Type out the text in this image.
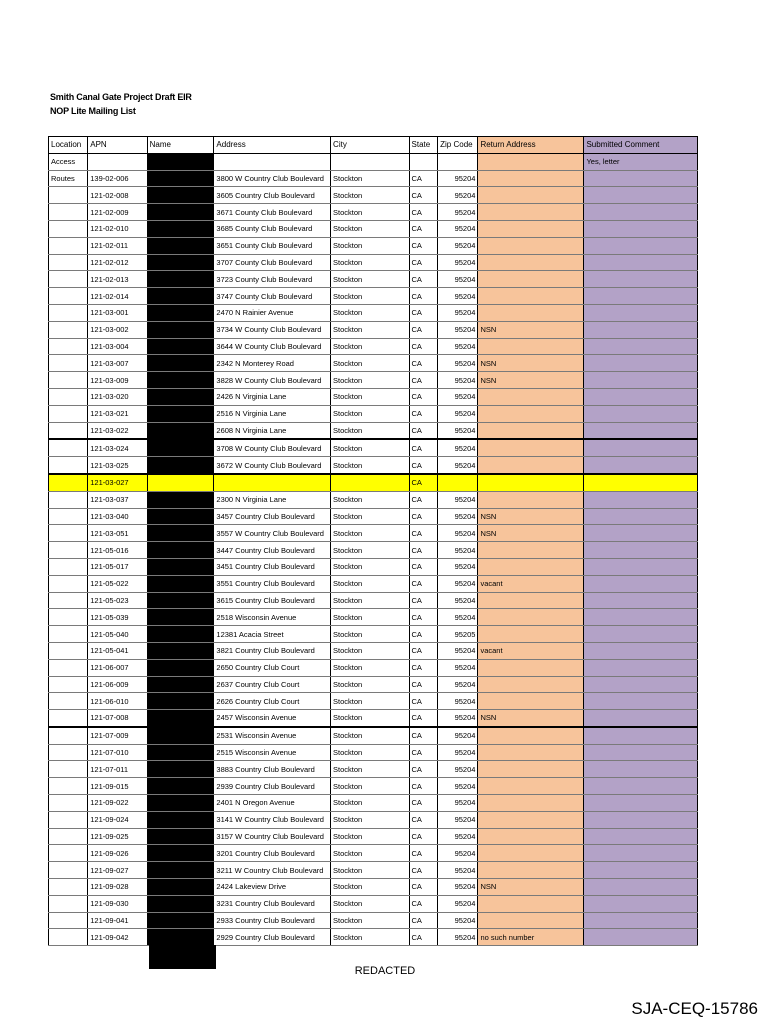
Smith Canal Gate Project Draft EIR
NOP Lite Mailing List
Location	APN	Name	Address	City	State	Zip Code	Return Address	Submitted Comment
Access								Yes, letter
Routes	139-02-006		3800 W Country Club Boulevard	Stockton	CA	95204		
	121-02-008		3605 Country Club Boulevard	Stockton	CA	95204		
	121-02-009		3671 County Club Boulevard	Stockton	CA	95204		
	121-02-010		3685 County Club Boulevard	Stockton	CA	95204		
	121-02-011		3651 County Club Boulevard	Stockton	CA	95204		
	121-02-012		3707 County Club Boulevard	Stockton	CA	95204		
	121-02-013		3723 County Club Boulevard	Stockton	CA	95204		
	121-02-014		3747 County Club Boulevard	Stockton	CA	95204		
	121-03-001		2470 N Rainier Avenue	Stockton	CA	95204		
	121-03-002		3734 W County Club Boulevard	Stockton	CA	95204	NSN	
	121-03-004		3644 W County Club Boulevard	Stockton	CA	95204		
	121-03-007		2342 N Monterey Road	Stockton	CA	95204	NSN	
	121-03-009		3828 W County Club Boulevard	Stockton	CA	95204	NSN	
	121-03-020		2426 N Virginia Lane	Stockton	CA	95204		
	121-03-021		2516 N Virginia Lane	Stockton	CA	95204		
	121-03-022		2608 N Virginia Lane	Stockton	CA	95204		
	121-03-024		3708 W County Club Boulevard	Stockton	CA	95204		
	121-03-025		3672 W County Club Boulevard	Stockton	CA	95204		
	121-03-027				CA			
	121-03-037		2300 N Virginia Lane	Stockton	CA	95204		
	121-03-040		3457 Country Club Boulevard	Stockton	CA	95204	NSN	
	121-03-051		3557 W Country Club Boulevard	Stockton	CA	95204	NSN	
	121-05-016		3447 Country Club Boulevard	Stockton	CA	95204		
	121-05-017		3451 Country Club Boulevard	Stockton	CA	95204		
	121-05-022		3551 Country Club Boulevard	Stockton	CA	95204	vacant	
	121-05-023		3615 Country Club Boulevard	Stockton	CA	95204		
	121-05-039		2518 Wisconsin Avenue	Stockton	CA	95204		
	121-05-040		12381 Acacia Street	Stockton	CA	95205		
	121-05-041		3821 Country Club Boulevard	Stockton	CA	95204	vacant	
	121-06-007		2650 Country Club Court	Stockton	CA	95204		
	121-06-009		2637 Country Club Court	Stockton	CA	95204		
	121-06-010		2626 Country Club Court	Stockton	CA	95204		
	121-07-008		2457 Wisconsin Avenue	Stockton	CA	95204	NSN	
	121-07-009		2531 Wisconsin Avenue	Stockton	CA	95204		
	121-07-010		2515 Wisconsin Avenue	Stockton	CA	95204		
	121-07-011		3883 Country Club Boulevard	Stockton	CA	95204		
	121-09-015		2939 Country Club Boulevard	Stockton	CA	95204		
	121-09-022		2401 N Oregon Avenue	Stockton	CA	95204		
	121-09-024		3141 W Country Club Boulevard	Stockton	CA	95204		
	121-09-025		3157 W Country Club Boulevard	Stockton	CA	95204		
	121-09-026		3201 Country Club Boulevard	Stockton	CA	95204		
	121-09-027		3211 W Country Club Boulevard	Stockton	CA	95204		
	121-09-028		2424 Lakeview Drive	Stockton	CA	95204	NSN	
	121-09-030		3231 Country Club Boulevard	Stockton	CA	95204		
	121-09-041		2933 Country Club Boulevard	Stockton	CA	95204		
	121-09-042		2929 Country Club Boulevard	Stockton	CA	95204	no such number	
REDACTED
SJA-CEQ-15786
